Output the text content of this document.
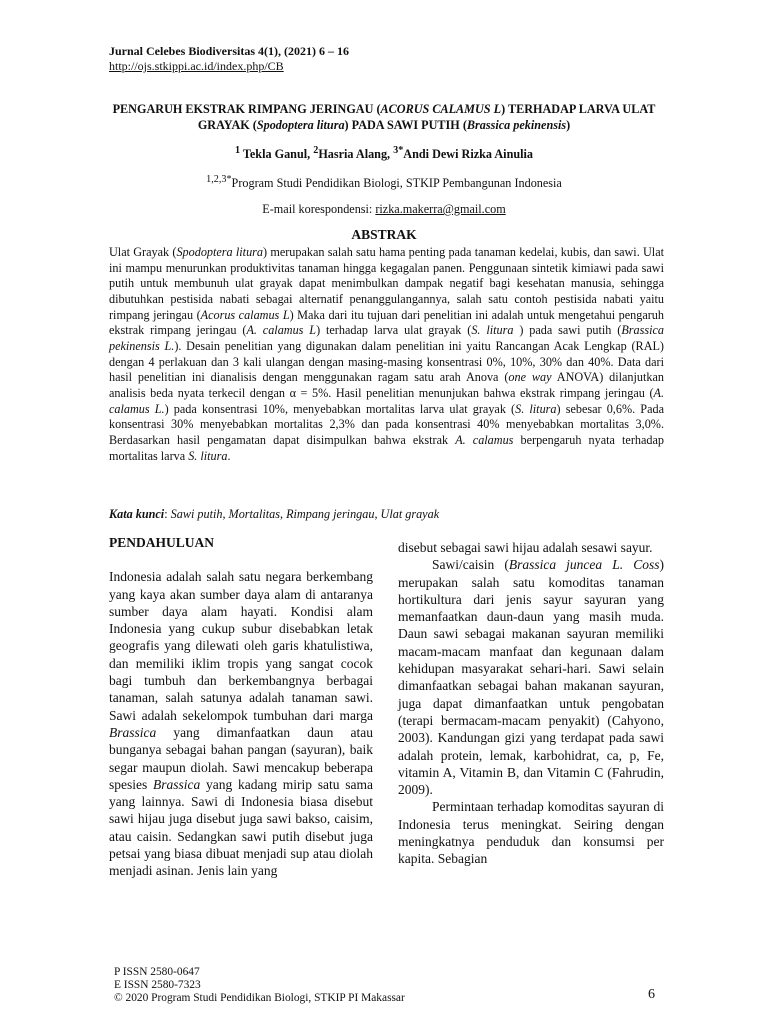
Jurnal Celebes Biodiversitas 4(1), (2021) 6 – 16
http://ojs.stkippi.ac.id/index.php/CB
PENGARUH EKSTRAK RIMPANG JERINGAU (ACORUS CALAMUS L) TERHADAP LARVA ULAT GRAYAK (Spodoptera litura) PADA SAWI PUTIH (Brassica pekinensis)
$^1$ Tekla Ganul, $^2$Hasria Alang, $^{3*}$Andi Dewi Rizka Ainulia
$^{1,2,3*}$Program Studi Pendidikan Biologi, STKIP Pembangunan Indonesia
E-mail korespondensi: rizka.makerra@gmail.com
ABSTRAK
Ulat Grayak (Spodoptera litura) merupakan salah satu hama penting pada tanaman kedelai, kubis, dan sawi. Ulat ini mampu menurunkan produktivitas tanaman hingga kegagalan panen. Penggunaan sintetik kimiawi pada sawi putih untuk membunuh ulat grayak dapat menimbulkan dampak negatif bagi kesehatan manusia, sehingga dibutuhkan pestisida nabati sebagai alternatif penanggulangannya, salah satu contoh pestisida nabati yaitu rimpang jeringau (Acorus calamus L) Maka dari itu tujuan dari penelitian ini adalah untuk mengetahui pengaruh ekstrak rimpang jeringau (A. calamus L) terhadap larva ulat grayak (S. litura ) pada sawi putih (Brassica pekinensis L.). Desain penelitian yang digunakan dalam penelitian ini yaitu Rancangan Acak Lengkap (RAL) dengan 4 perlakuan dan 3 kali ulangan dengan masing-masing konsentrasi 0%, 10%, 30% dan 40%. Data dari hasil penelitian ini dianalisis dengan menggunakan ragam satu arah Anova (one way ANOVA) dilanjutkan analisis beda nyata terkecil dengan α = 5%. Hasil penelitian menunjukan bahwa ekstrak rimpang jeringau (A. calamus L.) pada konsentrasi 10%, menyebabkan mortalitas larva ulat grayak (S. litura) sebesar 0,6%. Pada konsentrasi 30% menyebabkan mortalitas 2,3% dan pada konsentrasi 40% menyebabkan mortalitas 3,0%. Berdasarkan hasil pengamatan dapat disimpulkan bahwa ekstrak A. calamus berpengaruh nyata terhadap mortalitas larva S. litura.
Kata kunci: Sawi putih, Mortalitas, Rimpang jeringau, Ulat grayak

PENDAHULUAN

Indonesia adalah salah satu negara berkembang yang kaya akan sumber daya alam di antaranya sumber daya alam hayati. Kondisi alam Indonesia yang cukup subur disebabkan letak geografis yang dilewati oleh garis khatulistiwa, dan memiliki iklim tropis yang sangat cocok bagi tumbuh dan berkembangnya berbagai tanaman, salah satunya adalah tanaman sawi. Sawi adalah sekelompok tumbuhan dari marga Brassica yang dimanfaatkan daun atau bunganya sebagai bahan pangan (sayuran), baik segar maupun diolah. Sawi mencakup beberapa spesies Brassica yang kadang mirip satu sama yang lainnya. Sawi di Indonesia biasa disebut sawi hijau juga disebut juga sawi bakso, caisim, atau caisin. Sedangkan sawi putih disebut juga petsai yang biasa dibuat menjadi sup atau diolah menjadi asinan. Jenis lain yang

disebut sebagai sawi hijau adalah sesawi sayur.

Sawi/caisin (Brassica juncea L. Coss) merupakan salah satu komoditas tanaman hortikultura dari jenis sayur sayuran yang memanfaatkan daun-daun yang masih muda. Daun sawi sebagai makanan sayuran memiliki macam-macam manfaat dan kegunaan dalam kehidupan masyarakat sehari-hari. Sawi selain dimanfaatkan sebagai bahan makanan sayuran, juga dapat dimanfaatkan untuk pengobatan (terapi bermacam-macam penyakit) (Cahyono, 2003). Kandungan gizi yang terdapat pada sawi adalah protein, lemak, karbohidrat, ca, p, Fe, vitamin A, Vitamin B, dan Vitamin C (Fahrudin, 2009).

Permintaan terhadap komoditas sayuran di Indonesia terus meningkat. Seiring dengan meningkatnya penduduk dan konsumsi per kapita. Sebagian

P ISSN 2580-0647
E ISSN 2580-7323
© 2020 Program Studi Pendidikan Biologi, STKIP PI Makassar	6
